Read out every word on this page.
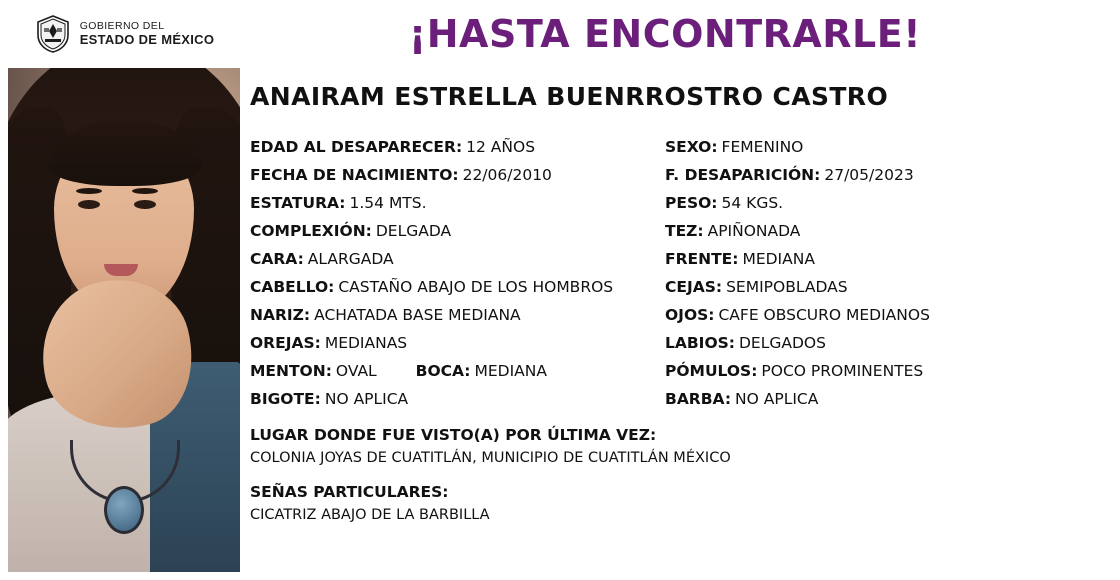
GOBIERNO DEL
ESTADO DE MÉXICO	¡HASTA ENCONTRARLE!
ANAIRAM ESTRELLA BUENRROSTRO CASTRO
EDAD AL DESAPARECER: 12 AÑOS	SEXO: FEMENINO
FECHA DE NACIMIENTO: 22/06/2010	F. DESAPARICIÓN: 27/05/2023
ESTATURA: 1.54 MTS.	PESO: 54 KGS.
COMPLEXIÓN: DELGADA	TEZ: APIÑONADA
CARA: ALARGADA	FRENTE: MEDIANA
CABELLO: CASTAÑO ABAJO DE LOS HOMBROS	CEJAS: SEMIPOBLADAS
NARIZ: ACHATADA BASE MEDIANA	OJOS: CAFE OBSCURO MEDIANOS
OREJAS: MEDIANAS	LABIOS: DELGADOS
MENTON: OVAL	BOCA: MEDIANA	PÓMULOS: POCO PROMINENTES
BIGOTE: NO APLICA	BARBA: NO APLICA
LUGAR DONDE FUE VISTO(A) POR ÚLTIMA VEZ:
COLONIA JOYAS DE CUATITLÁN, MUNICIPIO DE CUATITLÁN MÉXICO
SEÑAS PARTICULARES:
CICATRIZ ABAJO DE LA BARBILLA
